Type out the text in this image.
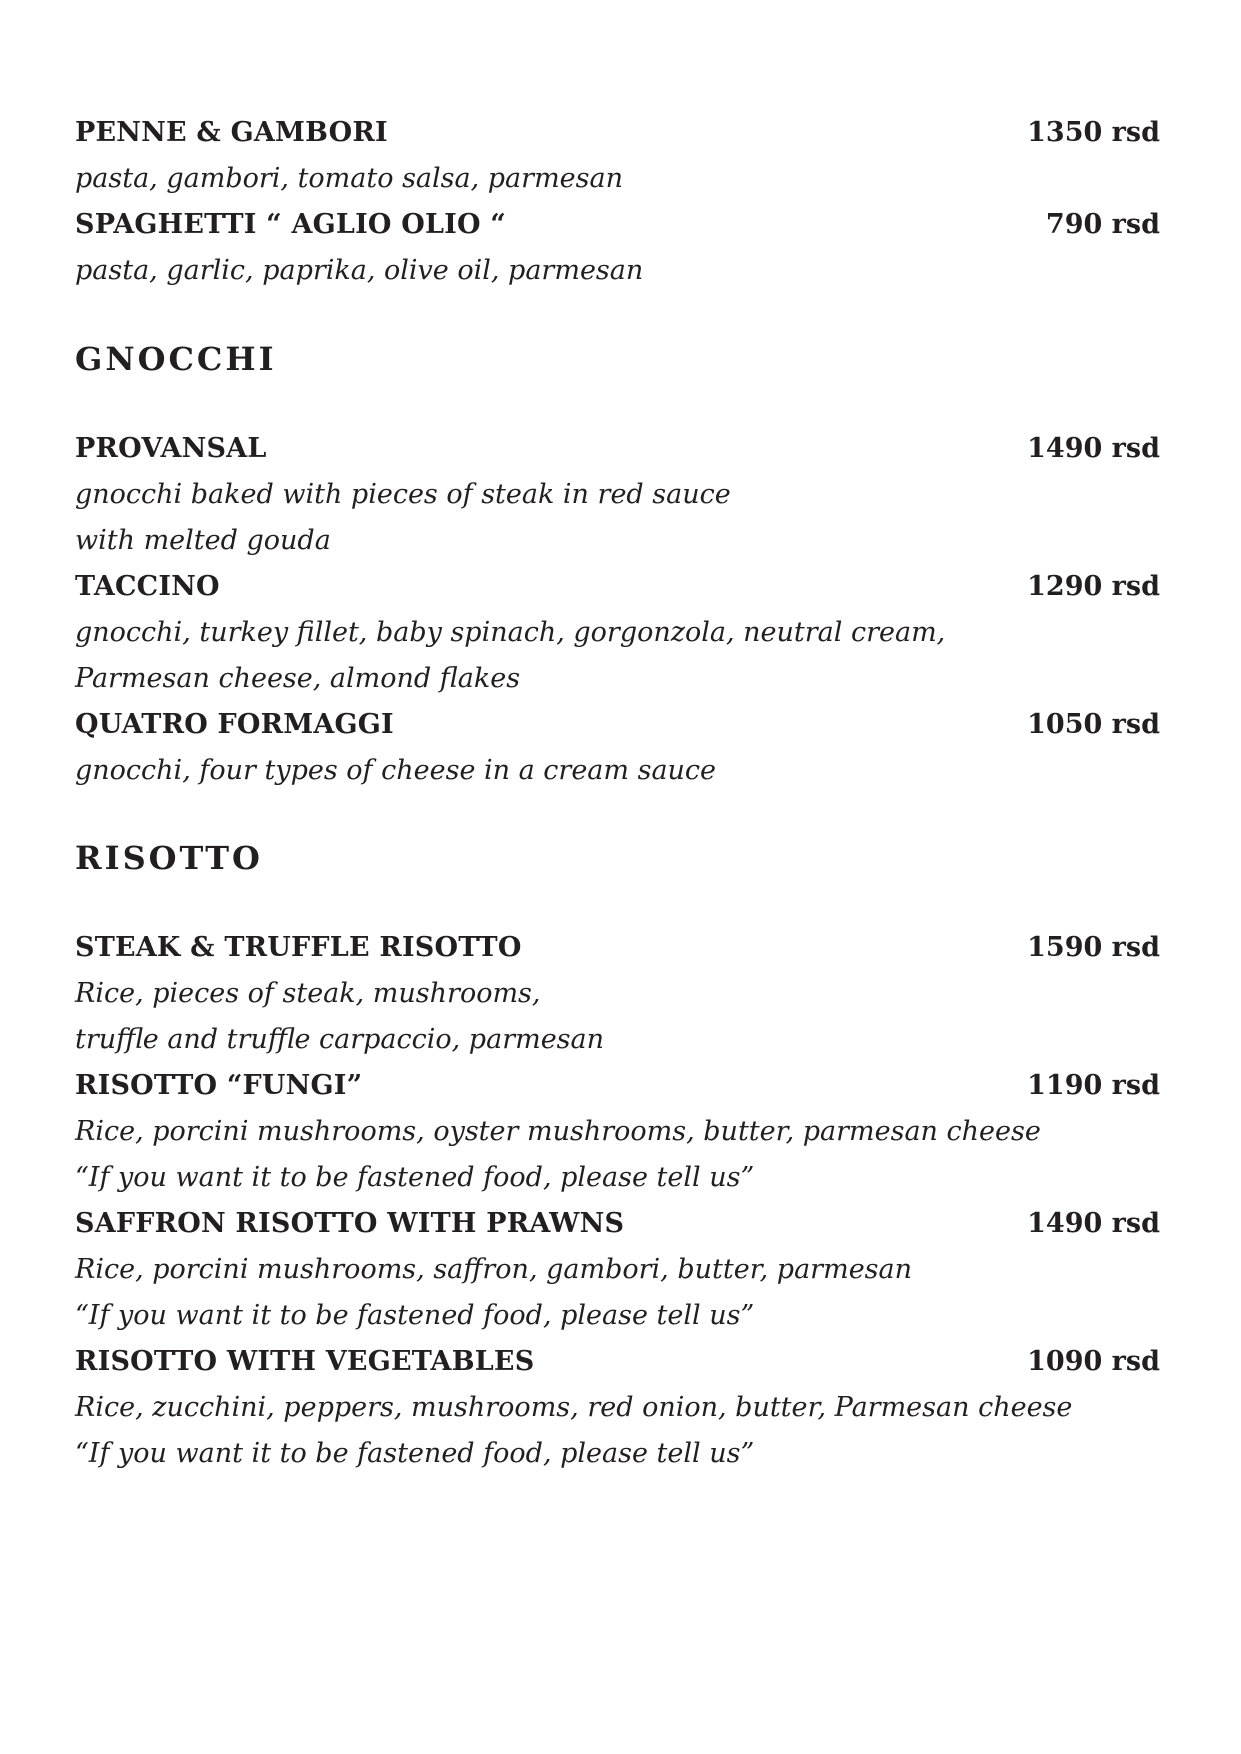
PENNE & GAMBORI	1350 rsd
pasta, gambori, tomato salsa, parmesan
SPAGHETTI “ AGLIO OLIO “	790 rsd
pasta, garlic, paprika, olive oil, parmesan
GNOCCHI
PROVANSAL	1490 rsd
gnocchi baked with pieces of steak in red sauce
with melted gouda
TACCINO	1290 rsd
gnocchi, turkey fillet, baby spinach, gorgonzola, neutral cream,
Parmesan cheese, almond flakes
QUATRO FORMAGGI	1050 rsd
gnocchi, four types of cheese in a cream sauce
RISOTTO
STEAK & TRUFFLE RISOTTO	1590 rsd
Rice, pieces of steak, mushrooms,
truffle and truffle carpaccio, parmesan
RISOTTO “FUNGI”	1190 rsd
Rice, porcini mushrooms, oyster mushrooms, butter, parmesan cheese
“If you want it to be fastened food, please tell us”
SAFFRON RISOTTO WITH PRAWNS	1490 rsd
Rice, porcini mushrooms, saffron, gambori, butter, parmesan
“If you want it to be fastened food, please tell us”
RISOTTO WITH VEGETABLES	1090 rsd
Rice, zucchini, peppers, mushrooms, red onion, butter, Parmesan cheese
“If you want it to be fastened food, please tell us”
